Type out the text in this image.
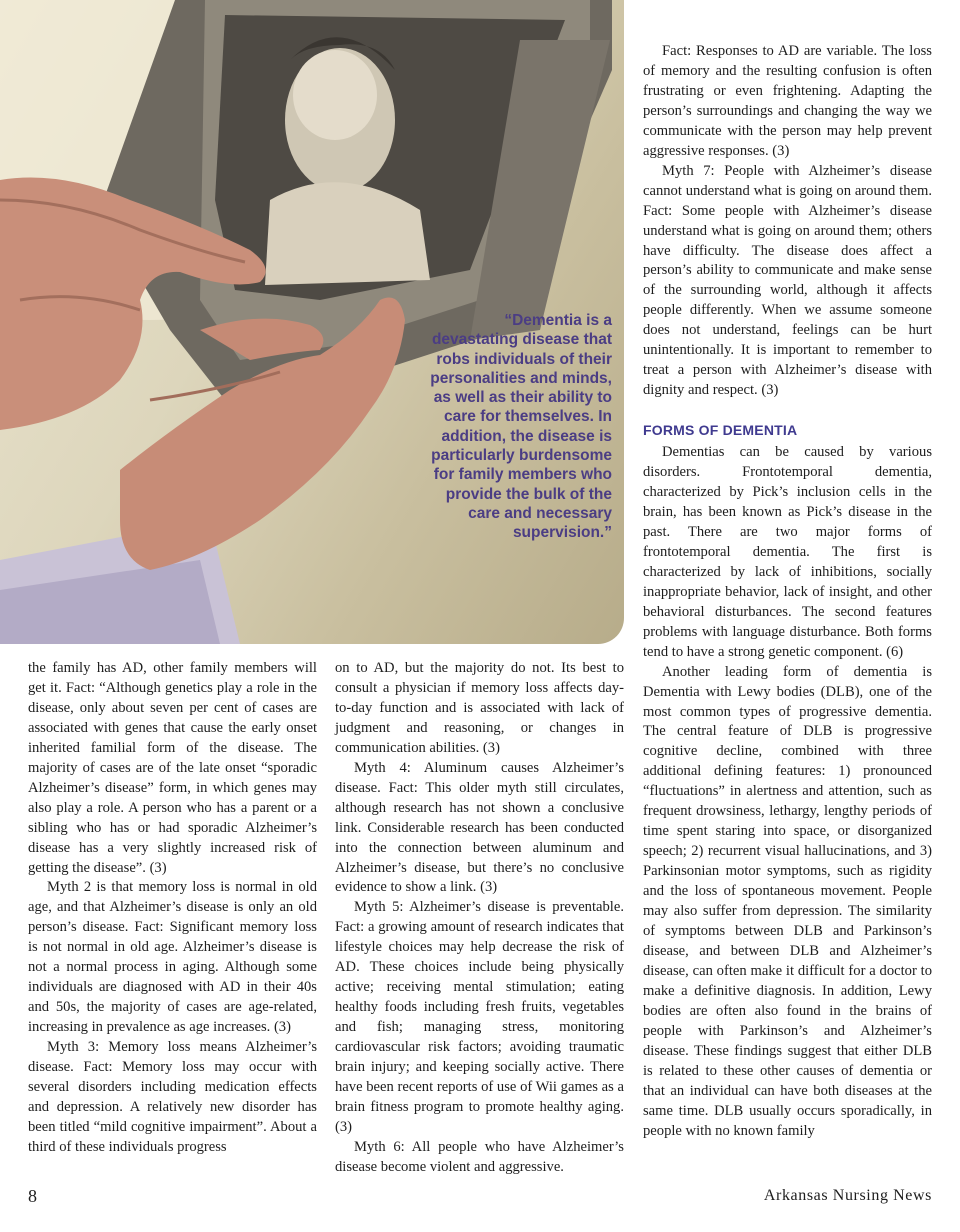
“Dementia is a devastating disease that robs individuals of their personalities and minds, as well as their ability to care for themselves. In addition, the disease is particularly burdensome for family members who provide the bulk of the care and necessary supervision.”

the family has AD, other family members will get it. Fact: “Although genetics play a role in the disease, only about seven per cent of cases are associated with genes that cause the early onset inherited familial form of the disease. The majority of cases are of the late onset “sporadic Alzheimer’s disease” form, in which genes may also play a role. A person who has a parent or a sibling who has or had sporadic Alzheimer’s disease has a very slightly increased risk of getting the disease”. (3)

Myth 2 is that memory loss is normal in old age, and that Alzheimer’s disease is only an old person’s disease. Fact: Significant memory loss is not normal in old age. Alzheimer’s disease is not a normal process in aging. Although some individuals are diagnosed with AD in their 40s and 50s, the majority of cases are age-related, increasing in prevalence as age increases. (3)

Myth 3: Memory loss means Alzheimer’s disease. Fact: Memory loss may occur with several disorders including medication effects and depression. A relatively new disorder has been titled “mild cognitive impairment”. About a third of these individuals progress

on to AD, but the majority do not. Its best to consult a physician if memory loss affects day-to-day function and is associated with lack of judgment and reasoning, or changes in communication abilities. (3)

Myth 4: Aluminum causes Alzheimer’s disease. Fact: This older myth still circulates, although research has not shown a conclusive link. Considerable research has been conducted into the connection between aluminum and Alzheimer’s disease, but there’s no conclusive evidence to show a link. (3)

Myth 5: Alzheimer’s disease is preventable. Fact: a growing amount of research indicates that lifestyle choices may help decrease the risk of AD. These choices include being physically active; receiving mental stimulation; eating healthy foods including fresh fruits, vegetables and fish; managing stress, monitoring cardiovascular risk factors; avoiding traumatic brain injury; and keeping socially active. There have been recent reports of use of Wii games as a brain fitness program to promote healthy aging. (3)

Myth 6: All people who have Alzheimer’s disease become violent and aggressive.

Fact: Responses to AD are variable. The loss of memory and the resulting confusion is often frustrating or even frightening. Adapting the person’s surroundings and changing the way we communicate with the person may help prevent aggressive responses. (3)

Myth 7: People with Alzheimer’s disease cannot understand what is going on around them. Fact: Some people with Alzheimer’s disease understand what is going on around them; others have difficulty. The disease does affect a person’s ability to communicate and make sense of the surrounding world, although it affects people differently. When we assume someone does not understand, feelings can be hurt unintentionally. It is important to remember to treat a person with Alzheimer’s disease with dignity and respect. (3)

FORMS OF DEMENTIA

Dementias can be caused by various disorders. Frontotemporal dementia, characterized by Pick’s inclusion cells in the brain, has been known as Pick’s disease in the past. There are two major forms of frontotemporal dementia. The first is characterized by lack of inhibitions, socially inappropriate behavior, lack of insight, and other behavioral disturbances. The second features problems with language disturbance. Both forms tend to have a strong genetic component. (6)

Another leading form of dementia is Dementia with Lewy bodies (DLB), one of the most common types of progressive dementia. The central feature of DLB is progressive cognitive decline, combined with three additional defining features: 1) pronounced “fluctuations” in alertness and attention, such as frequent drowsiness, lethargy, lengthy periods of time spent staring into space, or disorganized speech; 2) recurrent visual hallucinations, and 3) Parkinsonian motor symptoms, such as rigidity and the loss of spontaneous movement. People may also suffer from depression. The similarity of symptoms between DLB and Parkinson’s disease, and between DLB and Alzheimer’s disease, can often make it difficult for a doctor to make a definitive diagnosis. In addition, Lewy bodies are often also found in the brains of people with Parkinson’s and Alzheimer’s disease. These findings suggest that either DLB is related to these other causes of dementia or that an individual can have both diseases at the same time. DLB usually occurs sporadically, in people with no known family

8	Arkansas Nursing News
